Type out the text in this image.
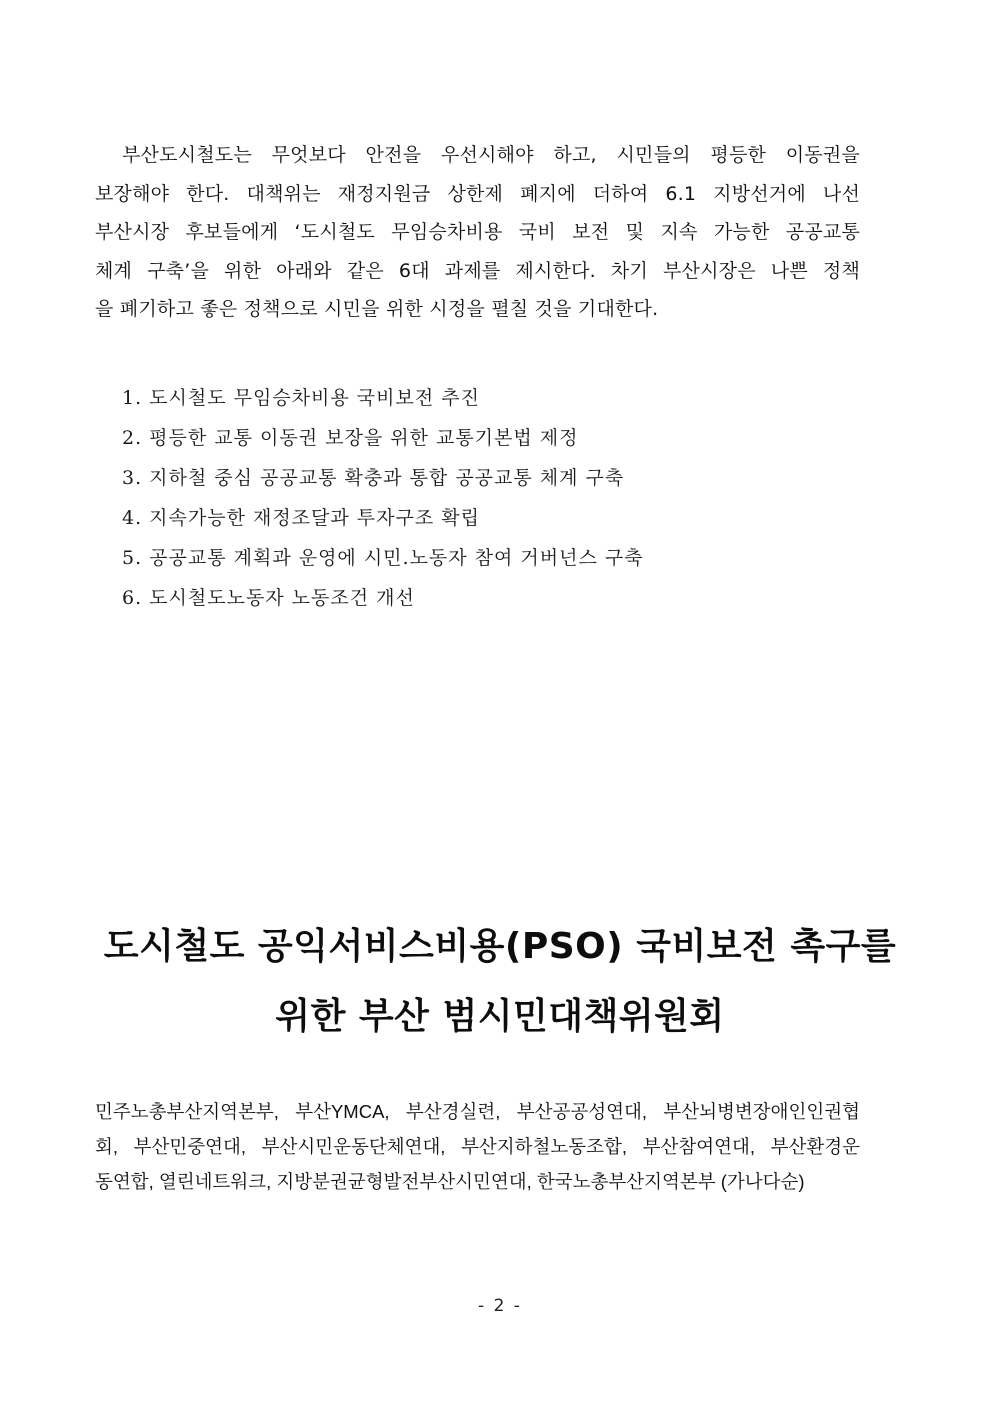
부산도시철도는 무엇보다 안전을 우선시해야 하고, 시민들의 평등한 이동권을
보장해야 한다. 대책위는 재정지원금 상한제 폐지에 더하여 6.1 지방선거에 나선
부산시장 후보들에게 ‘도시철도 무임승차비용 국비 보전 및 지속 가능한 공공교통
체계 구축’을 위한 아래와 같은 6대 과제를 제시한다. 차기 부산시장은 나쁜 정책
을 폐기하고 좋은 정책으로 시민을 위한 시정을 펼칠 것을 기대한다.
1. 도시철도 무임승차비용 국비보전 추진
2. 평등한 교통 이동권 보장을 위한 교통기본법 제정
3. 지하철 중심 공공교통 확충과 통합 공공교통 체계 구축
4. 지속가능한 재정조달과 투자구조 확립
5. 공공교통 계획과 운영에 시민.노동자 참여 거버넌스 구축
6. 도시철도노동자 노동조건 개선
도시철도 공익서비스비용(PSO) 국비보전 촉구를
위한 부산 범시민대책위원회
민주노총부산지역본부, 부산YMCA, 부산경실련, 부산공공성연대, 부산뇌병변장애인인권협
회, 부산민중연대, 부산시민운동단체연대, 부산지하철노동조합, 부산참여연대, 부산환경운
동연합, 열린네트워크, 지방분권균형발전부산시민연대, 한국노총부산지역본부 (가나다순)
- 2 -
